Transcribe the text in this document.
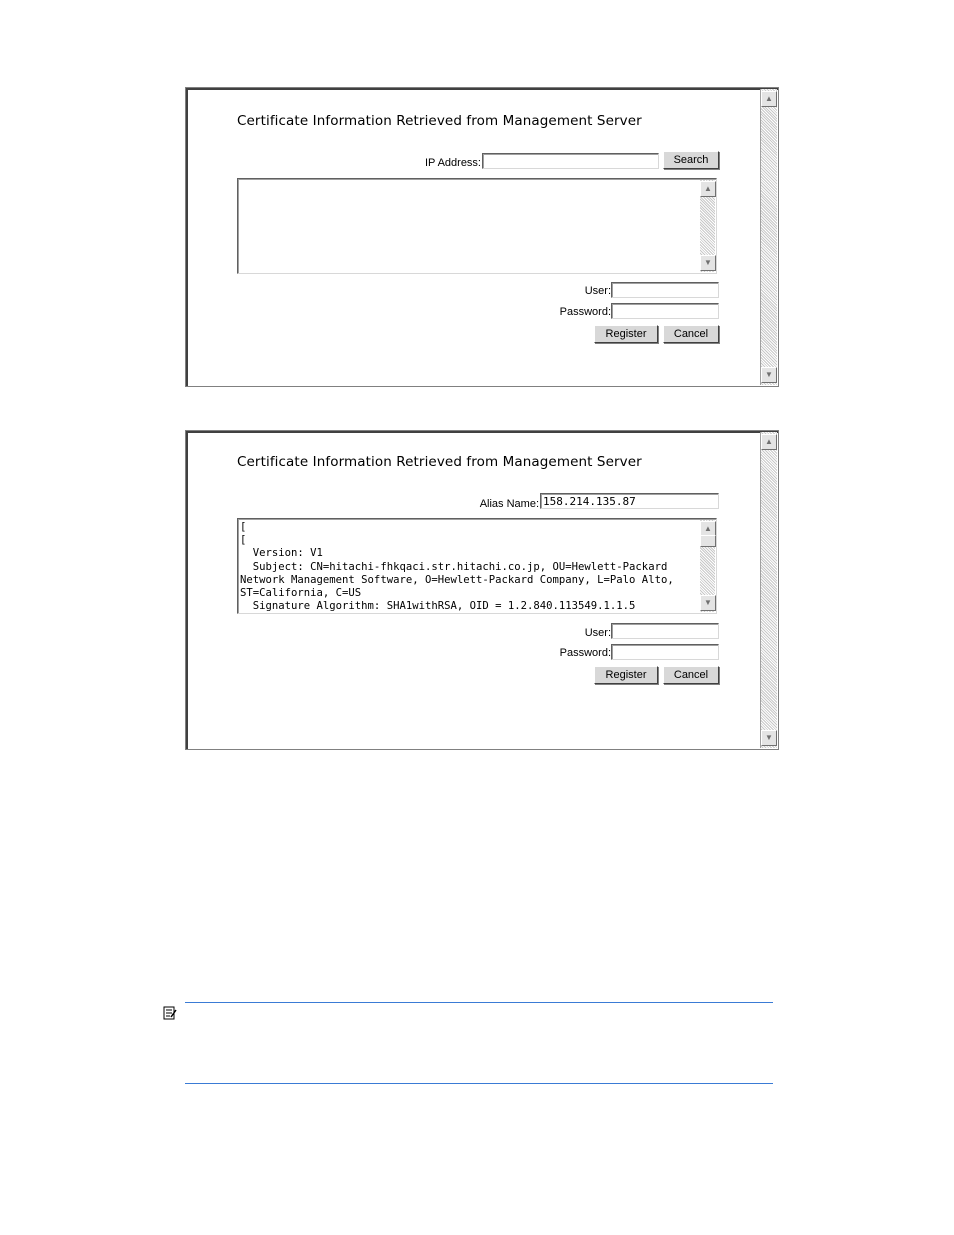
Certificate Information Retrieved from Management Server
IP Address:	Search
▲
▼
User:
Password:
Register	Cancel
▲
▼
Certificate Information Retrieved from Management Server
Alias Name: 158.214.135.87
[
[
Version: V1
Subject: CN=hitachi-fhkqaci.str.hitachi.co.jp, OU=Hewlett-Packard
Network Management Software, O=Hewlett-Packard Company, L=Palo Alto,
ST=California, C=US
Signature Algorithm: SHA1withRSA, OID = 1.2.840.113549.1.1.5
▲
▼
User:
Password:
Register	Cancel
▲
▼
